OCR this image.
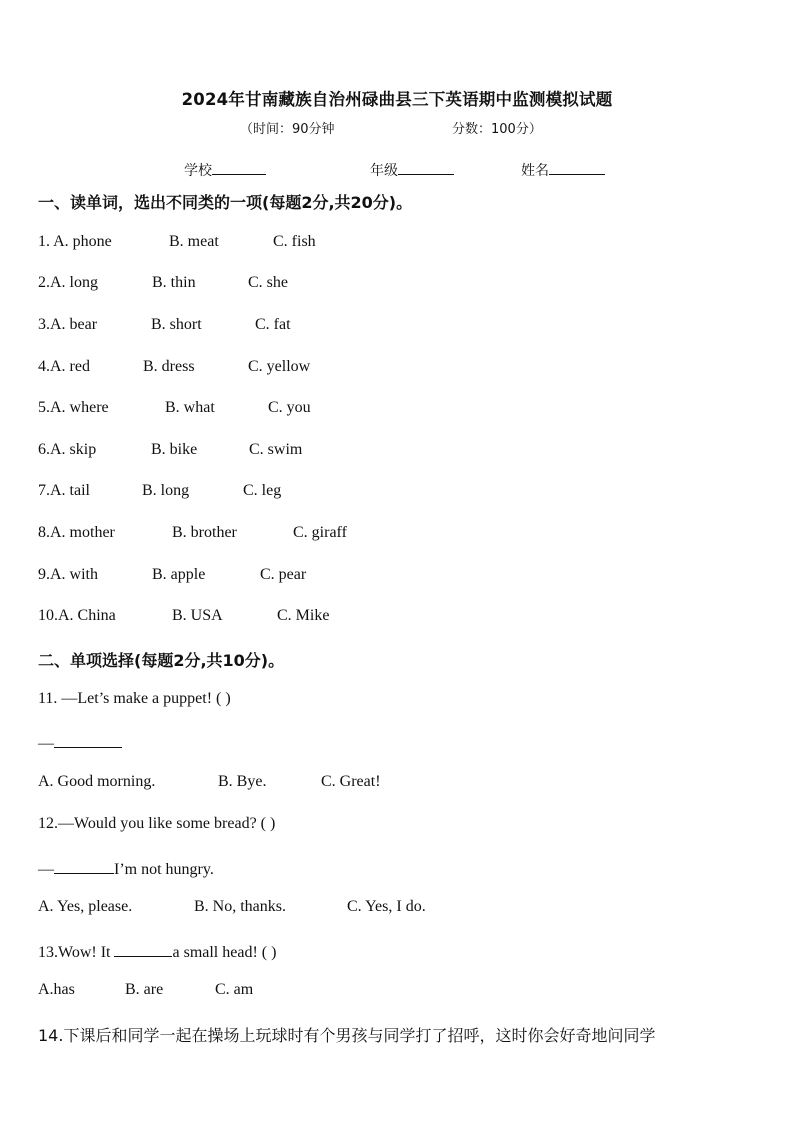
2024年甘南藏族自治州碌曲县三下英语期中监测模拟试题
（时间：90分钟	分数：100分）
学校	年级	姓名
一、读单词，选出不同类的一项(每题2分,共20分)。
1. A. phone	B. meat	C. fish
2.A. long	B. thin	C. she
3.A. bear	B. short	C. fat
4.A. red	B. dress	C. yellow
5.A. where	B. what	C. you
6.A. skip	B. bike	C. swim
7.A. tail	B. long	C. leg
8.A. mother	B. brother	C. giraff
9.A. with	B. apple	C. pear
10.A. China	B. USA	C. Mike
二、单项选择(每题2分,共10分)。
11. —Let’s make a puppet! ( )
—
A. Good morning.	B. Bye.	C. Great!
12.—Would you like some bread? ( )
—	I’m not hungry.
A. Yes, please.	B. No, thanks.	C. Yes, I do.
13.Wow! It	a small head! ( )
A.has	B. are	C. am
14.下课后和同学一起在操场上玩球时有个男孩与同学打了招呼，这时你会好奇地问同学
